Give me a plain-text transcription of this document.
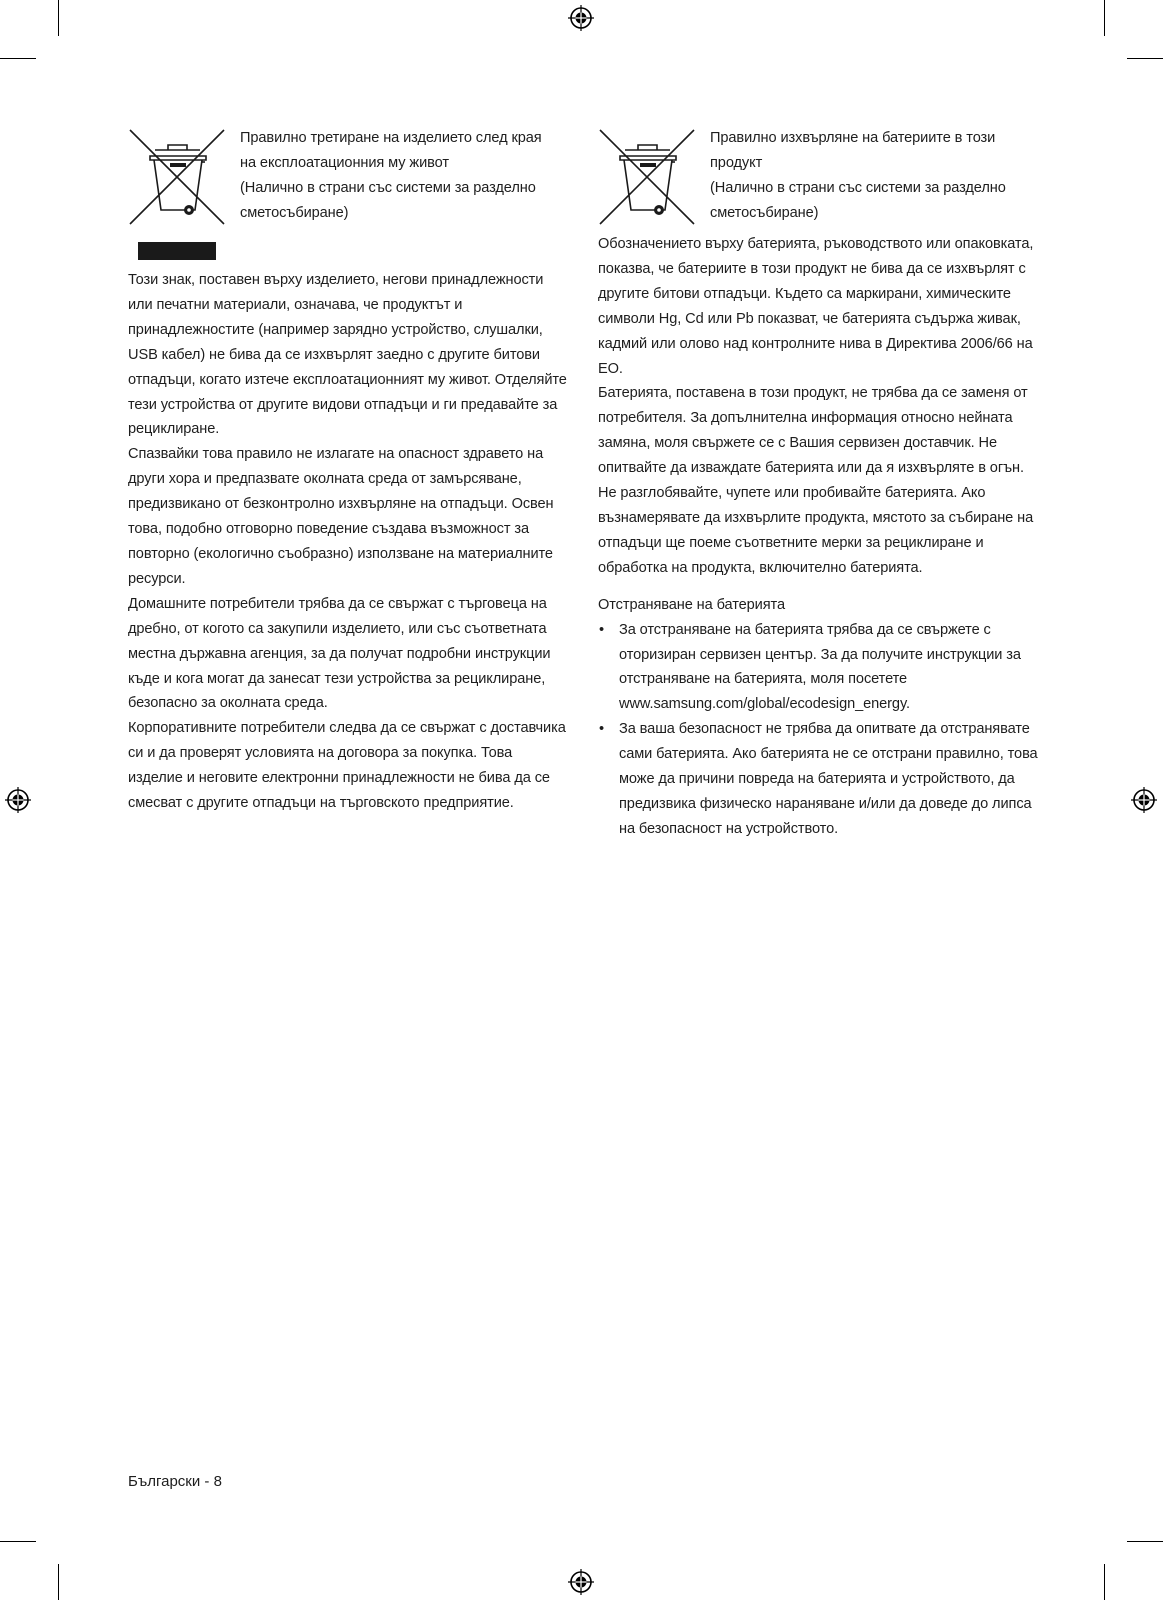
Правилно третиране на изделието след края

на експлоатационния му живот

(Налично в страни със системи за разделно

сметосъбиране)

Този знак, поставен върху изделието, негови принадлежности или печатни материали, означава, че продуктът и принадлежностите (например зарядно устройство, слушалки, USB кабел) не бива да се изхвърлят заедно с другите битови отпадъци, когато изтече експлоатационният му живот. Отделяйте тези устройства от другите видови отпадъци и ги предавайте за рециклиране.

Спазвайки това правило не излагате на опасност здравето на други хора и предпазвате околната среда от замърсяване, предизвикано от безконтролно изхвърляне на отпадъци. Освен това, подобно отговорно поведение създава възможност за повторно (екологично съобразно) използване на материалните ресурси.

Домашните потребители трябва да се свържат с търговеца на дребно, от когото са закупили изделието, или със съответната местна държавна агенция, за да получат подробни инструкции къде и кога могат да занесат тези устройства за рециклиране, безопасно за околната среда.

Корпоративните потребители следва да се свържат с доставчика си и да проверят условията на договора за покупка. Това изделие и неговите електронни принадлежности не бива да се смесват с другите отпадъци на търговското предприятие.

Правилно изхвърляне на батериите в този

продукт

(Налично в страни със системи за разделно

сметосъбиране)

Обозначението върху батерията, ръководството или опаковката, показва, че батериите в този продукт не бива да се изхвърлят с другите битови отпадъци. Където са маркирани, химическите символи Hg, Cd или Pb показват, че батерията съдържа живак, кадмий или олово над контролните нива в Директива 2006/66 на ЕО.

Батерията, поставена в този продукт, не трябва да се заменя от потребителя. За допълнителна информация относно нейната замяна, моля свържете се с Вашия сервизен доставчик. Не опитвайте да изваждате батерията или да я изхвърляте в огън. Не разглобявайте, чупете или пробивайте батерията. Ако възнамерявате да изхвърлите продукта, мястото за събиране на отпадъци ще поеме съответните мерки за рециклиране и обработка на продукта, включително батерията.

Отстраняване на батерията

• За отстраняване на батерията трябва да се свържете с оторизиран сервизен център. За да получите инструкции за отстраняване на батерията, моля посетете www.samsung.com/global/ecodesign_energy.
• За ваша безопасност не трябва да опитвате да отстранявате сами батерията. Ако батерията не се отстрани правилно, това може да причини повреда на батерията и устройството, да предизвика физическо нараняване и/или да доведе до липса на безопасност на устройството.
Български - 8
